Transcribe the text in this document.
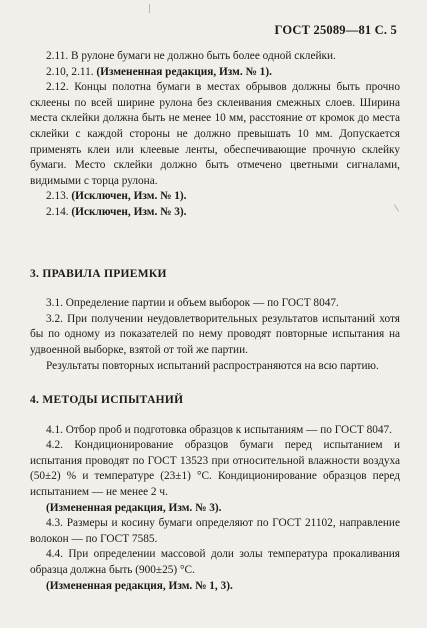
ГОСТ 25089—81 С. 5

2.11. В рулоне бумаги не должно быть более одной склейки.

2.10, 2.11. (Измененная редакция, Изм. № 1).

2.12. Концы полотна бумаги в местах обрывов должны быть прочно склеены по всей ширине рулона без склеивания смежных слоев. Ширина места склейки должна быть не менее 10 мм, расстояние от кромок до места склейки с каждой стороны не должно превышать 10 мм. Допускается применять клеи или клеевые ленты, обеспечивающие прочную склейку бумаги. Место склейки должно быть отмечено цветными сигналами, видимыми с торца рулона.

2.13. (Исключен, Изм. № 1).

2.14. (Исключен, Изм. № 3).

3. ПРАВИЛА ПРИЕМКИ

3.1. Определение партии и объем выборок — по ГОСТ 8047.

3.2. При получении неудовлетворительных результатов испытаний хотя бы по одному из показателей по нему проводят повторные испытания на удвоенной выборке, взятой от той же партии.

Результаты повторных испытаний распространяются на всю партию.

4. МЕТОДЫ ИСПЫТАНИЙ

4.1. Отбор проб и подготовка образцов к испытаниям — по ГОСТ 8047.

4.2. Кондиционирование образцов бумаги перед испытанием и испытания проводят по ГОСТ 13523 при относительной влажности воздуха (50±2) % и температуре (23±1) °С. Кондиционирование образцов перед испытанием — не менее 2 ч.

(Измененная редакция, Изм. № 3).

4.3. Размеры и косину бумаги определяют по ГОСТ 21102, направление волокон — по ГОСТ 7585.

4.4. При определении массовой доли золы температура прокаливания образца должна быть (900±25) °С.

(Измененная редакция, Изм. № 1, 3).
